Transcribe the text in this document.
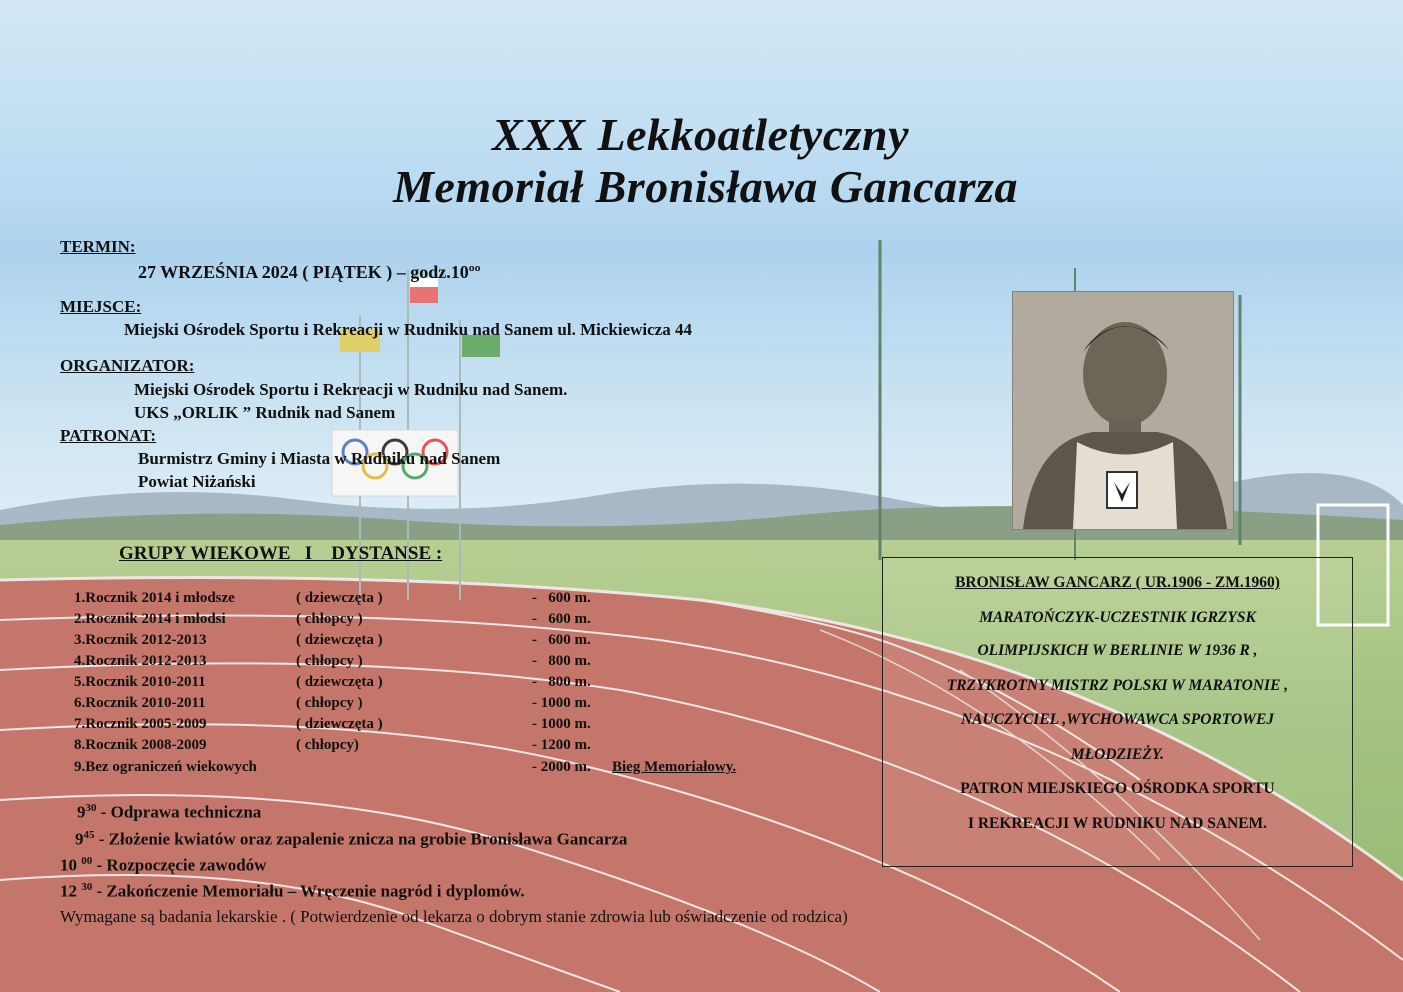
XXX Lekkoatletyczny
Memoriał Bronisława Gancarza
TERMIN:
27 WRZEŚNIA 2024 ( PIĄTEK ) – godz.10ºº
MIEJSCE:
Miejski Ośrodek Sportu i Rekreacji w Rudniku nad Sanem ul. Mickiewicza 44
ORGANIZATOR:
Miejski Ośrodek Sportu i Rekreacji w Rudniku nad Sanem.
UKS „ORLIK ” Rudnik nad Sanem
PATRONAT:
Burmistrz Gminy i Miasta w Rudniku nad Sanem
Powiat Niżański
GRUPY WIEKOWE   I    DYSTANSE :
1.Rocznik 2014 i młodsze	( dziewczęta )	-   600 m.
2.Rocznik 2014 i młodsi	( chłopcy )	-   600 m.
3.Rocznik 2012-2013	( dziewczęta )	-   600 m.
4.Rocznik 2012-2013	( chłopcy )	-   800 m.
5.Rocznik 2010-2011	( dziewczęta )	-   800 m.
6.Rocznik 2010-2011	( chłopcy )	- 1000 m.
7.Rocznik 2005-2009	( dziewczęta )	- 1000 m.
8.Rocznik 2008-2009	( chłopcy)	- 1200 m.
9.Bez ograniczeń wiekowych	- 2000 m. Bieg Memoriałowy.
$9^{30}$ - Odprawa techniczna
$9^{45}$ - Złożenie kwiatów oraz zapalenie znicza na grobie Bronisława Gancarza
10 $^{00}$ - Rozpoczęcie zawodów
12 $^{30}$ - Zakończenie Memoriału – Wręczenie nagród i dyplomów.
Wymagane są badania lekarskie . ( Potwierdzenie od lekarza o dobrym stanie zdrowia lub oświadczenie od rodzica)
BRONISŁAW GANCARZ ( UR.1906 - ZM.1960)
MARATOŃCZYK-UCZESTNIK IGRZYSK
OLIMPIJSKICH W BERLINIE W 1936 R ,
TRZYKROTNY MISTRZ POLSKI W MARATONIE ,
NAUCZYCIEL ,WYCHOWAWCA SPORTOWEJ
MŁODZIEŻY.
PATRON MIEJSKIEGO OŚRODKA SPORTU
I REKREACJI W RUDNIKU NAD SANEM.
